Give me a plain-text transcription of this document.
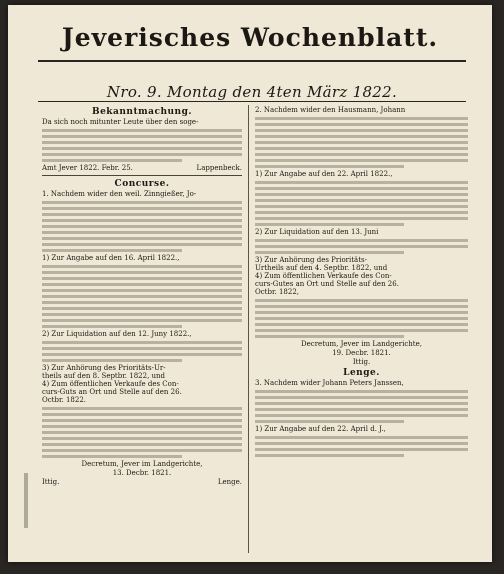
Jeverisches Wochenblatt.
Nro. 9. Montag den 4ten März 1822.
Bekanntmachung.
Da sich noch mitunter Leute über den soge-
Amt Jever 1822. Febr. 25.	Lappenbeck.
Concurse.
1. Nachdem wider den weil. Zinngießer, Jo-
1) Zur Angabe auf den 16. April 1822.,
2) Zur Liquidation auf den 12. Juny 1822.,
3) Zur Anhörung des Prioritäts-Ur-
theils auf den 8. Septbr. 1822, und
4) Zum öffentlichen Verkaufe des Con-
curs-Guts an Ort und Stelle auf den 26.
Octbr. 1822.
Decretum, Jever im Landgerichte,
13. Decbr. 1821.
Ittig.	Lenge.
2. Nachdem wider den Hausmann, Johann
1) Zur Angabe auf den 22. April 1822.,
2) Zur Liquidation auf den 13. Juni
3) Zur Anhörung des Prioritäts-
Urtheils auf den 4. Septbr. 1822, und
4) Zum öffentlichen Verkaufe des Con-
curs-Gutes an Ort und Stelle auf den 26.
Octbr. 1822,
Decretum, Jever im Landgerichte,
19. Decbr. 1821.
Ittig.
Lenge.
3. Nachdem wider Johann Peters Janssen,
1) Zur Angabe auf den 22. April d. J.,
